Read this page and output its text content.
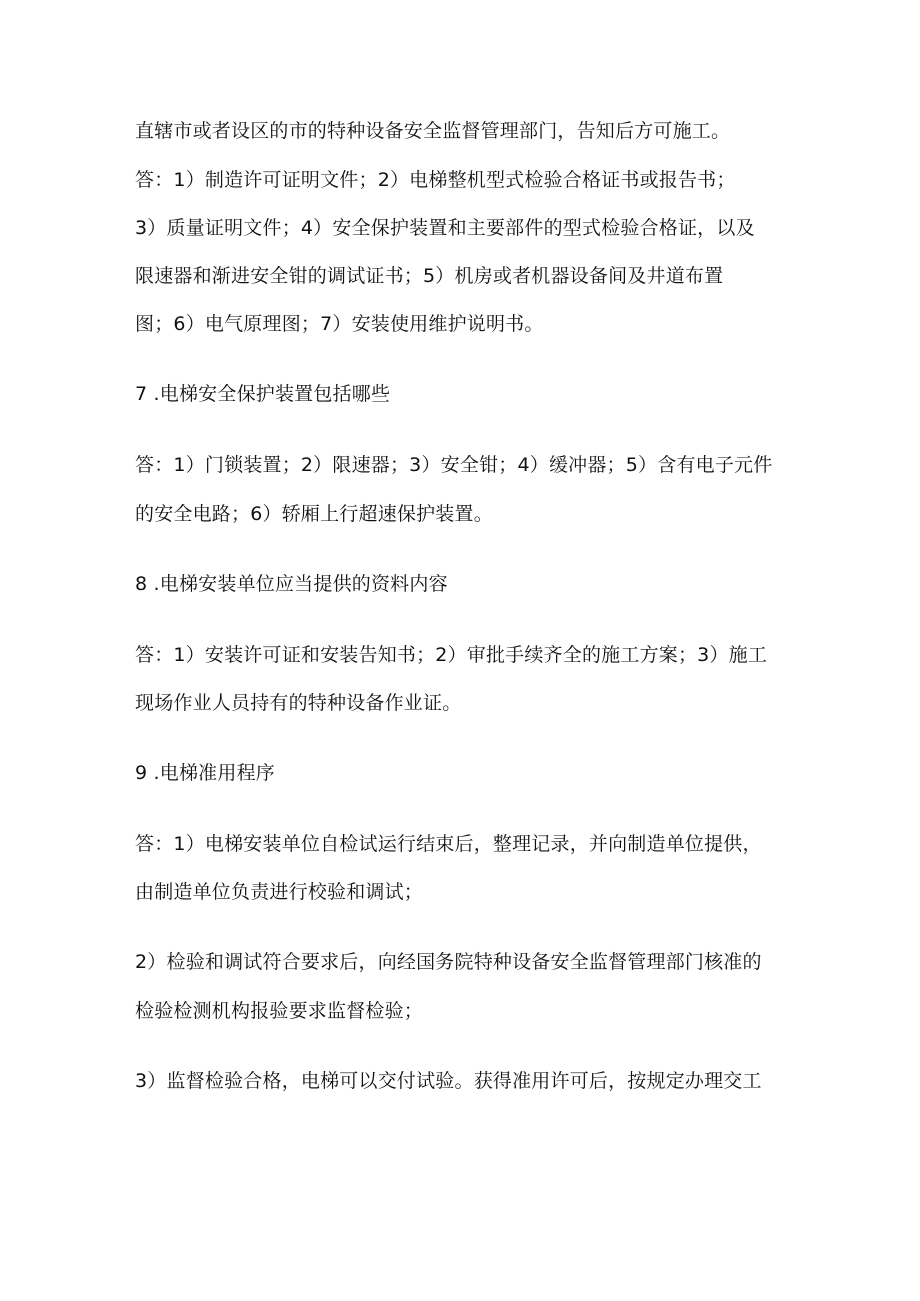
直辖市或者设区的市的特种设备安全监督管理部门，告知后方可施工。
答：1）制造许可证明文件；2）电梯整机型式检验合格证书或报告书；
3）质量证明文件；4）安全保护装置和主要部件的型式检验合格证，以及
限速器和渐进安全钳的调试证书；5）机房或者机器设备间及井道布置
图；6）电气原理图；7）安装使用维护说明书。
7 .电梯安全保护装置包括哪些
答：1）门锁装置；2）限速器；3）安全钳；4）缓冲器；5）含有电子元件
的安全电路；6）轿厢上行超速保护装置。
8 .电梯安装单位应当提供的资料内容
答：1）安装许可证和安装告知书；2）审批手续齐全的施工方案；3）施工
现场作业人员持有的特种设备作业证。
9 .电梯准用程序
答：1）电梯安装单位自检试运行结束后，整理记录，并向制造单位提供，
由制造单位负责进行校验和调试；
2）检验和调试符合要求后，向经国务院特种设备安全监督管理部门核准的
检验检测机构报验要求监督检验；
3）监督检验合格，电梯可以交付试验。获得准用许可后，按规定办理交工
